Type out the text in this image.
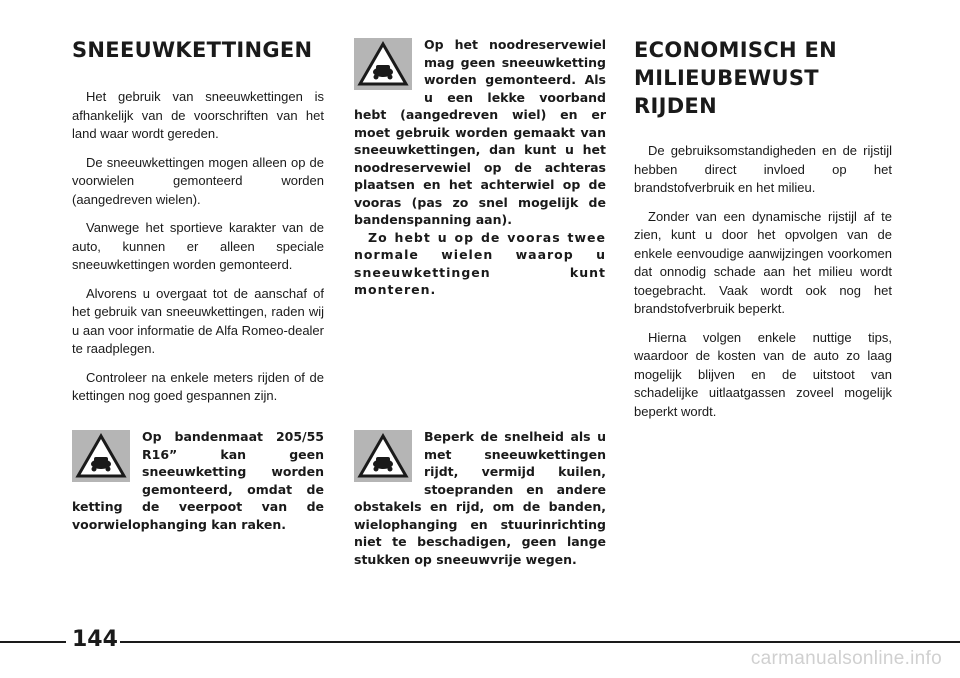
SNEEUWKETTINGEN

Het gebruik van sneeuwkettingen is afhankelijk van de voorschriften van het land waar wordt gereden.

De sneeuwkettingen mogen alleen op de voorwielen gemonteerd worden (aangedreven wielen).

Vanwege het sportieve karakter van de auto, kunnen er alleen speciale sneeuwkettingen worden gemonteerd.

Alvorens u overgaat tot de aanschaf of het gebruik van sneeuwkettingen, raden wij u aan voor informatie de Alfa Romeo-dealer te raadplegen.

Controleer na enkele meters rijden of de kettingen nog goed gespannen zijn.

Op het noodreservewiel mag geen sneeuwketting worden gemonteerd. Als u een lekke voorband hebt (aangedreven wiel) en er moet gebruik worden gemaakt van sneeuwkettingen, dan kunt u het noodreservewiel op de achteras plaatsen en het achterwiel op de vooras (pas zo snel mogelijk de bandenspanning aan).

Zo hebt u op de vooras twee normale wielen waarop u sneeuwkettingen kunt monteren.

ECONOMISCH EN MILIEUBEWUST RIJDEN

De gebruiksomstandigheden en de rijstijl hebben direct invloed op het brandstofverbruik en het milieu.

Zonder van een dynamische rijstijl af te zien, kunt u door het opvolgen van de enkele eenvoudige aanwijzingen voorkomen dat onnodig schade aan het milieu wordt toegebracht. Vaak wordt ook nog het brandstofverbruik beperkt.

Hierna volgen enkele nuttige tips, waardoor de kosten van de auto zo laag mogelijk blijven en de uitstoot van schadelijke uitlaatgassen zoveel mogelijk beperkt wordt.

Op bandenmaat 205/55 R16” kan geen sneeuwketting worden gemonteerd, omdat de ketting de veerpoot van de voorwielophanging kan raken.

Beperk de snelheid als u met sneeuwkettingen rijdt, vermijd kuilen, stoepranden en andere obstakels en rijd, om de banden, wielophanging en stuurinrichting niet te beschadigen, geen lange stukken op sneeuwvrije wegen.

144
carmanualsonline.info
